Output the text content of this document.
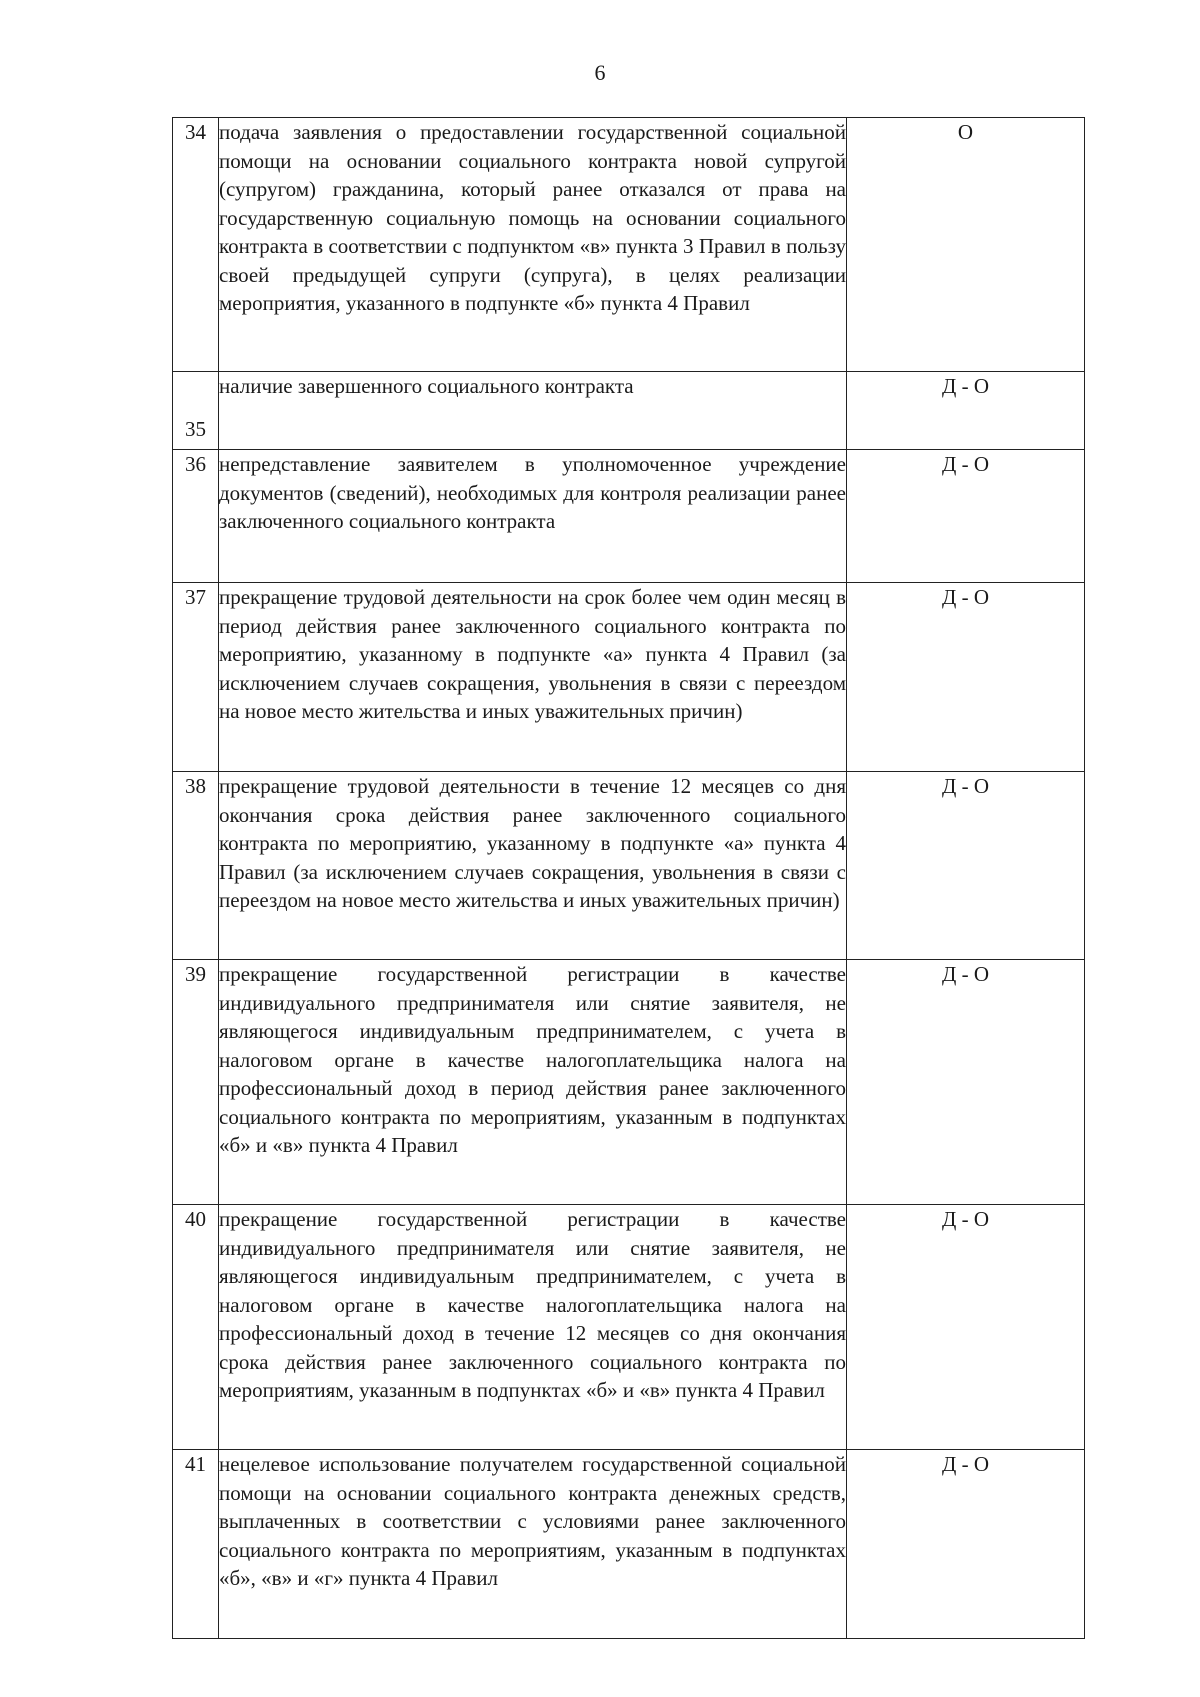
6
34	подача заявления о предоставлении государственной социальной помощи на основании социального контракта новой супругой (супругом) гражданина, который ранее отказался от права на государственную социальную помощь на основании социального контракта в соответствии с подпунктом «в» пункта 3 Правил в пользу своей предыдущей супруги (супруга), в целях реализации мероприятия, указанного в подпункте «б» пункта 4 Правил	О
35	наличие завершенного социального контракта	Д - О
36	непредставление заявителем в уполномоченное учреждение документов (сведений), необходимых для контроля реализации ранее заключенного социального контракта	Д - О
37	прекращение трудовой деятельности на срок более чем один месяц в период действия ранее заключенного социального контракта по мероприятию, указанному в подпункте «а» пункта 4 Правил (за исключением случаев сокращения, увольнения в связи с переездом на новое место жительства и иных уважительных причин)	Д - О
38	прекращение трудовой деятельности в течение 12 месяцев со дня окончания срока действия ранее заключенного социального контракта по мероприятию, указанному в подпункте «а» пункта 4 Правил (за исключением случаев сокращения, увольнения в связи с переездом на новое место жительства и иных уважительных причин)	Д - О
39	прекращение государственной регистрации в качестве индивидуального предпринимателя или снятие заявителя, не являющегося индивидуальным предпринимателем, с учета в налоговом органе в качестве налогоплательщика налога на профессиональный доход в период действия ранее заключенного социального контракта по мероприятиям, указанным в подпунктах «б» и «в» пункта 4 Правил	Д - О
40	прекращение государственной регистрации в качестве индивидуального предпринимателя или снятие заявителя, не являющегося индивидуальным предпринимателем, с учета в налоговом органе в качестве налогоплательщика налога на профессиональный доход в течение 12 месяцев со дня окончания срока действия ранее заключенного социального контракта по мероприятиям, указанным в подпунктах «б» и «в» пункта 4 Правил	Д - О
41	нецелевое использование получателем государственной социальной помощи на основании социального контракта денежных средств, выплаченных в соответствии с условиями ранее заключенного социального контракта по мероприятиям, указанным в подпунктах «б», «в» и «г» пункта 4 Правил	Д - О
